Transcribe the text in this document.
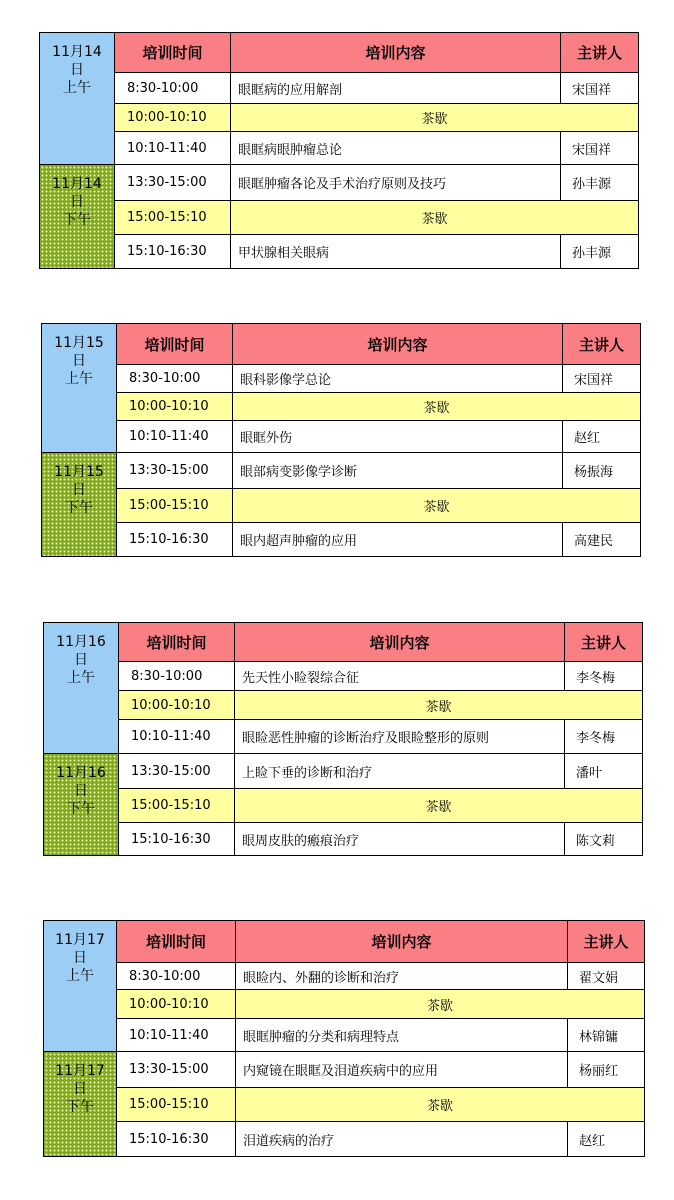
11月14
日
上午	培训时间	培训内容	主讲人
	8:30-10:00	眼眶病的应用解剖	宋国祥
	10:00-10:10	茶歇	
	10:10-11:40	眼眶病眼肿瘤总论	宋国祥

11月14
日
下午	13:30-15:00	眼眶肿瘤各论及手术治疗原则及技巧	孙丰源
	15:00-15:10	茶歇	
	15:10-16:30	甲状腺相关眼病	孙丰源
11月15
日
上午	培训时间	培训内容	主讲人
	8:30-10:00	眼科影像学总论	宋国祥
	10:00-10:10	茶歇	
	10:10-11:40	眼眶外伤	赵红

11月15
日
下午	13:30-15:00	眼部病变影像学诊断	杨振海
	15:00-15:10	茶歇	
	15:10-16:30	眼内超声肿瘤的应用	高建民
11月16
日
上午	培训时间	培训内容	主讲人
	8:30-10:00	先天性小睑裂综合征	李冬梅
	10:00-10:10	茶歇	
	10:10-11:40	眼睑恶性肿瘤的诊断治疗及眼睑整形的原则	李冬梅

11月16
日
下午	13:30-15:00	上睑下垂的诊断和治疗	潘叶
	15:00-15:10	茶歇	
	15:10-16:30	眼周皮肤的瘢痕治疗	陈文莉
11月17
日
上午	培训时间	培训内容	主讲人
	8:30-10:00	眼睑内、外翻的诊断和治疗	翟文娟
	10:00-10:10	茶歇	
	10:10-11:40	眼眶肿瘤的分类和病理特点	林锦镛

11月17
日
下午	13:30-15:00	内窥镜在眼眶及泪道疾病中的应用	杨丽红
	15:00-15:10	茶歇	
	15:10-16:30	泪道疾病的治疗	赵红
